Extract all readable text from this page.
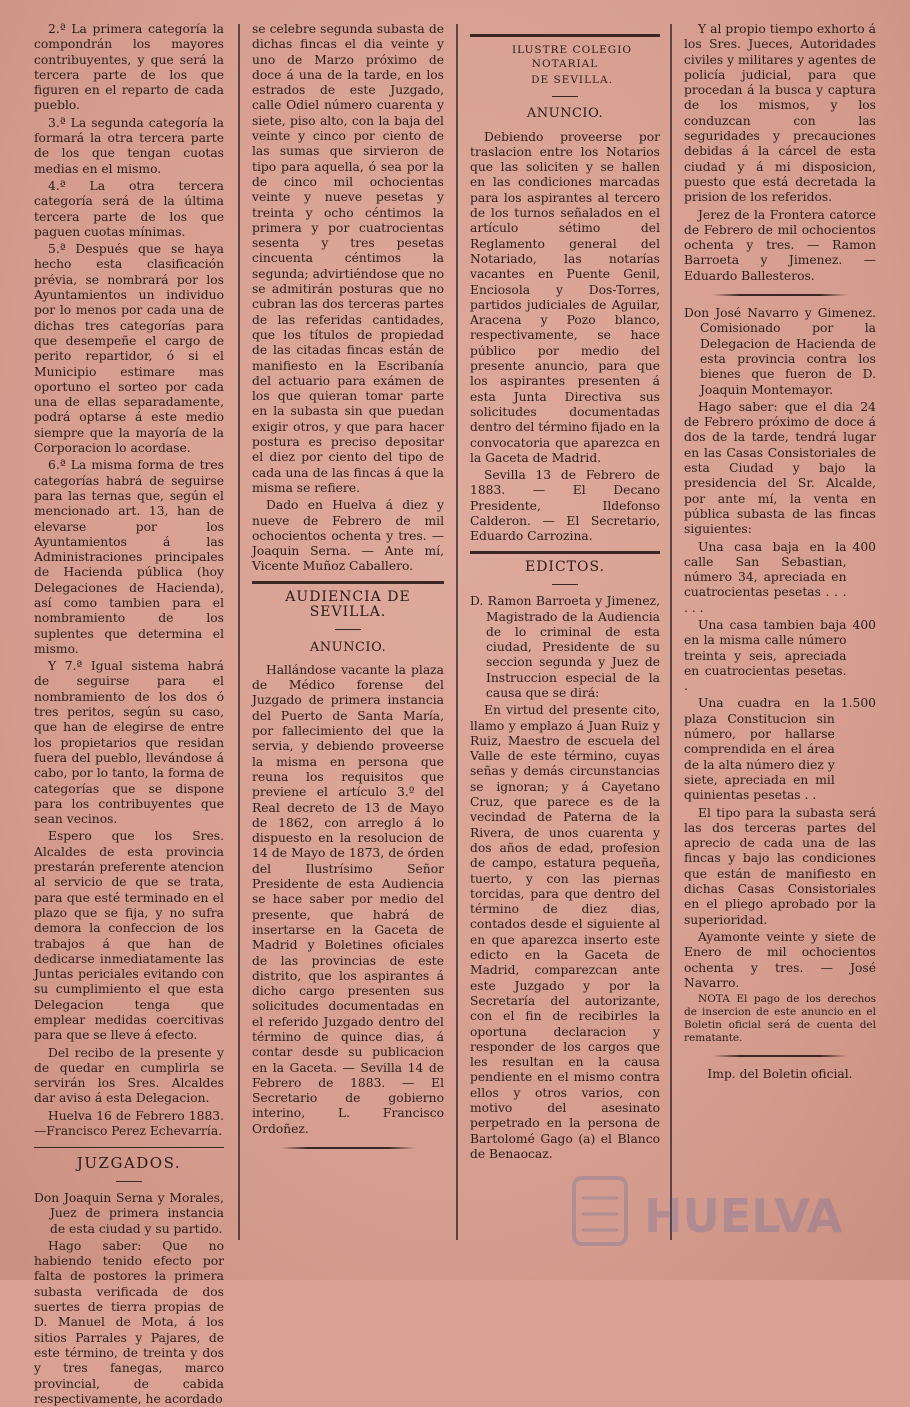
2.ª La primera categoría la compondrán los mayores contribuyentes, y que será la tercera parte de los que figuren en el reparto de cada pueblo.

3.ª La segunda categoría la formará la otra tercera parte de los que tengan cuotas medias en el mismo.

4.ª La otra tercera categoría será de la última tercera parte de los que paguen cuotas mínimas.

5.ª Después que se haya hecho esta clasificación prévia, se nombrará por los Ayuntamientos un individuo por lo menos por cada una de dichas tres categorías para que desempeñe el cargo de perito repartidor, ó si el Municipio estimare mas oportuno el sorteo por cada una de ellas separadamente, podrá optarse á este medio siempre que la mayoría de la Corporacion lo acordase.

6.ª La misma forma de tres categorías habrá de seguirse para las ternas que, según el mencionado art. 13, han de elevarse por los Ayuntamientos á las Administraciones principales de Hacienda pública (hoy Delegaciones de Hacienda), así como tambien para el nombramiento de los suplentes que determina el mismo.

Y 7.ª Igual sistema habrá de seguirse para el nombramiento de los dos ó tres peritos, según su caso, que han de elegirse de entre los propietarios que residan fuera del pueblo, llevándose á cabo, por lo tanto, la forma de categorías que se dispone para los contribuyentes que sean vecinos.

Espero que los Sres. Alcaldes de esta provincia prestarán preferente atencion al servicio de que se trata, para que esté terminado en el plazo que se fija, y no sufra demora la confeccion de los trabajos á que han de dedicarse inmediatamente las Juntas periciales evitando con su cumplimiento el que esta Delegacion tenga que emplear medidas coercitivas para que se lleve á efecto.

Del recibo de la presente y de quedar en cumplirla se servirán los Sres. Alcaldes dar aviso á esta Delegacion.

Huelva 16 de Febrero 1883. —Francisco Perez Echevarría.

JUZGADOS.

Don Joaquin Serna y Morales, Juez de primera instancia de esta ciudad y su partido.

Hago saber: Que no habiendo tenido efecto por falta de postores la primera subasta verificada de dos suertes de tierra propias de D. Manuel de Mota, á los sitios Parrales y Pajares, de este término, de treinta y dos y tres fanegas, marco provincial, de cabida respectivamente, he acordado

se celebre segunda subasta de dichas fincas el dia veinte y uno de Marzo próximo de doce á una de la tarde, en los estrados de este Juzgado, calle Odiel número cuarenta y siete, piso alto, con la baja del veinte y cinco por ciento de las sumas que sirvieron de tipo para aquella, ó sea por la de cinco mil ochocientas veinte y nueve pesetas y treinta y ocho céntimos la primera y por cuatrocientas sesenta y tres pesetas cincuenta céntimos la segunda; advirtiéndose que no se admitirán posturas que no cubran las dos terceras partes de las referidas cantidades, que los títulos de propiedad de las citadas fincas están de manifiesto en la Escribanía del actuario para exámen de los que quieran tomar parte en la subasta sin que puedan exigir otros, y que para hacer postura es preciso depositar el diez por ciento del tipo de cada una de las fincas á que la misma se refiere.

Dado en Huelva á diez y nueve de Febrero de mil ochocientos ochenta y tres. — Joaquin Serna. — Ante mí, Vicente Muñoz Caballero.

AUDIENCIA DE SEVILLA.
ANUNCIO.

Hallándose vacante la plaza de Médico forense del Juzgado de primera instancia del Puerto de Santa María, por fallecimiento del que la servia, y debiendo proveerse la misma en persona que reuna los requisitos que previene el artículo 3.º del Real decreto de 13 de Mayo de 1862, con arreglo á lo dispuesto en la resolucion de 14 de Mayo de 1873, de órden del Ilustrísimo Señor Presidente de esta Audiencia se hace saber por medio del presente, que habrá de insertarse en la Gaceta de Madrid y Boletines oficiales de las provincias de este distrito, que los aspirantes á dicho cargo presenten sus solicitudes documentadas en el referido Juzgado dentro del término de quince dias, á contar desde su publicacion en la Gaceta. — Sevilla 14 de Febrero de 1883. — El Secretario de gobierno interino, L. Francisco Ordoñez.

ILUSTRE COLEGIO NOTARIAL

DE SEVILLA.

ANUNCIO.

Debiendo proveerse por traslacion entre los Notarios que las soliciten y se hallen en las condiciones marcadas para los aspirantes al tercero de los turnos señalados en el artículo sétimo del Reglamento general del Notariado, las notarías vacantes en Puente Genil, Enciosola y Dos-Torres, partidos judiciales de Aguilar, Aracena y Pozo blanco, respectivamente, se hace público por medio del presente anuncio, para que los aspirantes presenten á esta Junta Directiva sus solicitudes documentadas dentro del término fijado en la convocatoria que aparezca en la Gaceta de Madrid.

Sevilla 13 de Febrero de 1883. — El Decano Presidente, Ildefonso Calderon. — El Secretario, Eduardo Carrozina.

EDICTOS.

D. Ramon Barroeta y Jimenez, Magistrado de la Audiencia de lo criminal de esta ciudad, Presidente de su seccion segunda y Juez de Instruccion especial de la causa que se dirá:

En virtud del presente cito, llamo y emplazo á Juan Ruiz y Ruiz, Maestro de escuela del Valle de este término, cuyas señas y demás circunstancias se ignoran; y á Cayetano Cruz, que parece es de la vecindad de Paterna de la Rivera, de unos cuarenta y dos años de edad, profesion de campo, estatura pequeña, tuerto, y con las piernas torcidas, para que dentro del término de diez dias, contados desde el siguiente al en que aparezca inserto este edicto en la Gaceta de Madrid, comparezcan ante este Juzgado y por la Secretaría del autorizante, con el fin de recibirles la oportuna declaracion y responder de los cargos que les resultan en la causa pendiente en el mismo contra ellos y otros varios, con motivo del asesinato perpetrado en la persona de Bartolomé Gago (a) el Blanco de Benaocaz.

Y al propio tiempo exhorto á los Sres. Jueces, Autoridades civiles y militares y agentes de policía judicial, para que procedan á la busca y captura de los mismos, y los conduzcan con las seguridades y precauciones debidas á la cárcel de esta ciudad y á mi disposicion, puesto que está decretada la prision de los referidos.

Jerez de la Frontera catorce de Febrero de mil ochocientos ochenta y tres. — Ramon Barroeta y Jimenez. — Eduardo Ballesteros.

Don José Navarro y Gimenez. Comisionado por la Delegacion de Hacienda de esta provincia contra los bienes que fueron de D. Joaquin Montemayor.

Hago saber: que el dia 24 de Febrero próximo de doce á dos de la tarde, tendrá lugar en las Casas Consistoriales de esta Ciudad y bajo la presidencia del Sr. Alcalde, por ante mí, la venta en pública subasta de las fincas siguientes:

Una casa baja en la calle San Sebastian, número 34, apreciada en cuatrocientas pesetas . . . . . .

400

Una casa tambien baja en la misma calle número treinta y seis, apreciada en cuatrocientas pesetas. .

400

Una cuadra en la plaza Constitucion sin número, por hallarse comprendida en el área de la alta número diez y siete, apreciada en mil quinientas pesetas . .

1.500

El tipo para la subasta será las dos terceras partes del aprecio de cada una de las fincas y bajo las condiciones que están de manifiesto en dichas Casas Consistoriales en el pliego aprobado por la superioridad.

Ayamonte veinte y siete de Enero de mil ochocientos ochenta y tres. — José Navarro.

NOTA El pago de los derechos de insercion de este anuncio en el Boletin oficial será de cuenta del rematante.

Imp. del Boletin oficial.

HUELVA
